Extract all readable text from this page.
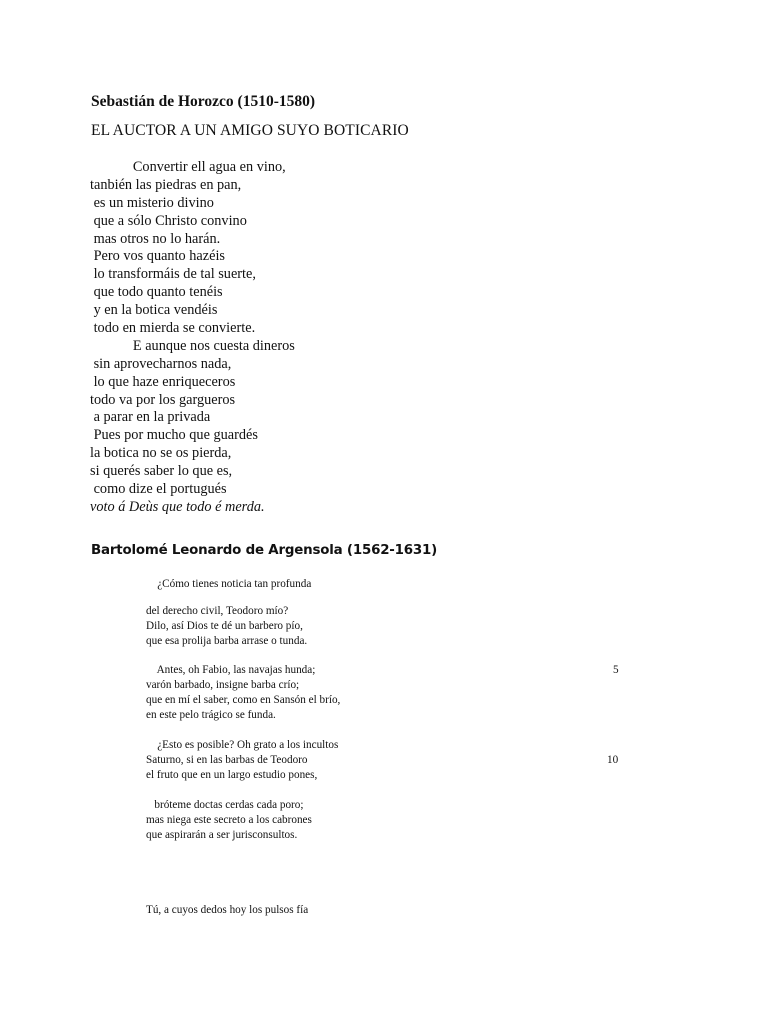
Sebastián de Horozco (1510-1580)
EL AUCTOR A UN AMIGO SUYO BOTICARIO
Convertir ell agua en vino,
tanbién las piedras en pan,
es un misterio divino
que a sólo Christo convino
mas otros no lo harán.
Pero vos quanto hazéis
lo transformáis de tal suerte,
que todo quanto tenéis
y en la botica vendéis
todo en mierda se convierte.
E aunque nos cuesta dineros
sin aprovecharnos nada,
lo que haze enriqueceros
todo va por los gargueros
a parar en la privada
Pues por mucho que guardés
la botica no se os pierda,
si querés saber lo que es,
como dize el portugués
voto á Deùs que todo é merda.
Bartolomé Leonardo de Argensola (1562-1631)
¿Cómo tienes noticia tan profunda
del derecho civil, Teodoro mío?
Dilo, así Dios te dé un barbero pío,
que esa prolija barba arrase o tunda.
Antes, oh Fabio, las navajas hunda;	5
varón barbado, insigne barba crío;
que en mí el saber, como en Sansón el brío,
en este pelo trágico se funda.
¿Esto es posible? Oh grato a los incultos
Saturno, si en las barbas de Teodoro	10
el fruto que en un largo estudio pones,
bróteme doctas cerdas cada poro;
mas niega este secreto a los cabrones
que aspirarán a ser jurisconsultos.
Tú, a cuyos dedos hoy los pulsos fía
